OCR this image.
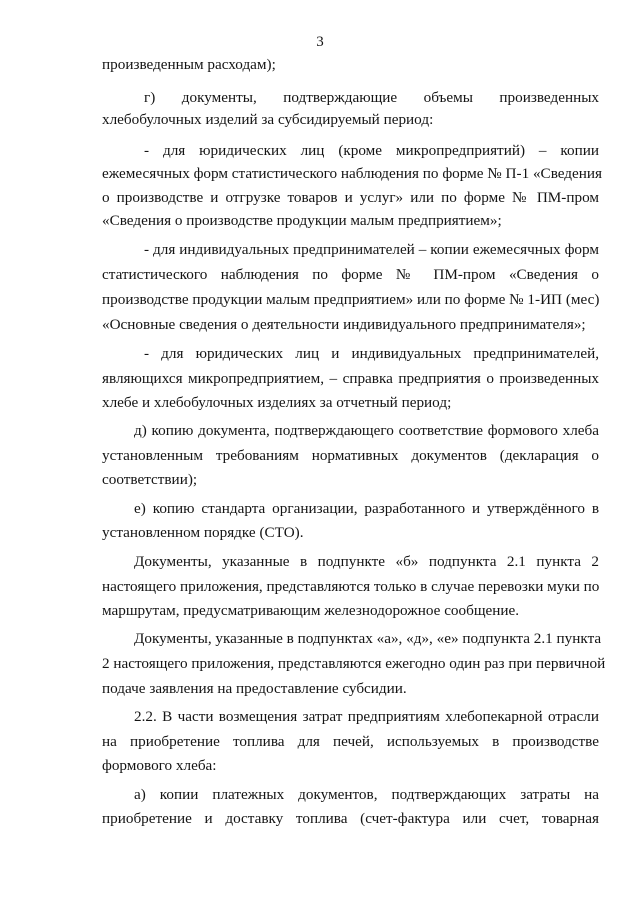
3
произведенным расходам);
г) документы, подтверждающие объемы произведенных
хлебобулочных изделий за субсидируемый период:
- для юридических лиц (кроме микропредприятий) – копии
ежемесячных форм статистического наблюдения по форме № П-1 «Сведения
о производстве и отгрузке товаров и услуг» или по форме № ПМ-пром
«Сведения о производстве продукции малым предприятием»;
- для индивидуальных предпринимателей – копии ежемесячных форм
статистического наблюдения по форме № ПМ-пром «Сведения о
производстве продукции малым предприятием» или по форме № 1-ИП (мес)
«Основные сведения о деятельности индивидуального предпринимателя»;
- для юридических лиц и индивидуальных предпринимателей,
являющихся микропредприятием, – справка предприятия о произведенных
хлебе и хлебобулочных изделиях за отчетный период;
д) копию документа, подтверждающего соответствие формового хлеба
установленным требованиям нормативных документов (декларация о
соответствии);
е) копию стандарта организации, разработанного и утверждённого в
установленном порядке (СТО).
Документы, указанные в подпункте «б» подпункта 2.1 пункта 2
настоящего приложения, представляются только в случае перевозки муки по
маршрутам, предусматривающим железнодорожное сообщение.
Документы, указанные в подпунктах «а», «д», «е» подпункта 2.1 пункта
2 настоящего приложения, представляются ежегодно один раз при первичной
подаче заявления на предоставление субсидии.
2.2. В части возмещения затрат предприятиям хлебопекарной отрасли
на приобретение топлива для печей, используемых в производстве
формового хлеба:
а) копии платежных документов, подтверждающих затраты на
приобретение и доставку топлива (счет-фактура или счет, товарная
